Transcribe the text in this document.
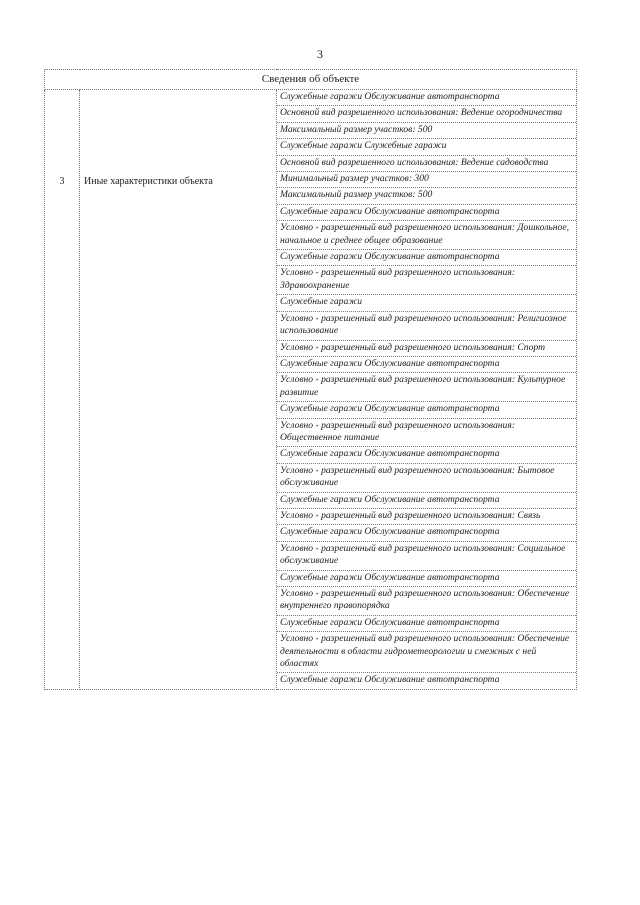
3
Сведения об объекте

3	Иные характеристики объекта

Служебные гаражи Обслуживание автотранспорта
Основной вид разрешенного использования: Ведение огородничества
Максимальный размер участков: 500
Служебные гаражи Служебные гаражи
Основной вид разрешенного использования: Ведение садоводства
Минимальный размер участков: 300
Максимальный размер участков: 500
Служебные гаражи Обслуживание автотранспорта
Условно - разрешенный вид разрешенного использования: Дошкольное, начальное и среднее общее образование
Служебные гаражи Обслуживание автотранспорта
Условно - разрешенный вид разрешенного использования: Здравоохранение
Служебные гаражи
Условно - разрешенный вид разрешенного использования: Религиозное использование
Условно - разрешенный вид разрешенного использования: Спорт
Служебные гаражи Обслуживание автотранспорта
Условно - разрешенный вид разрешенного использования: Культурное развитие
Служебные гаражи Обслуживание автотранспорта
Условно - разрешенный вид разрешенного использования: Общественное питание
Служебные гаражи Обслуживание автотранспорта
Условно - разрешенный вид разрешенного использования: Бытовое обслуживание
Служебные гаражи Обслуживание автотранспорта
Условно - разрешенный вид разрешенного использования: Связь
Служебные гаражи Обслуживание автотранспорта
Условно - разрешенный вид разрешенного использования: Социальное обслуживание
Служебные гаражи Обслуживание автотранспорта
Условно - разрешенный вид разрешенного использования: Обеспечение внутреннего правопорядка
Служебные гаражи Обслуживание автотранспорта
Условно - разрешенный вид разрешенного использования: Обеспечение деятельности в области гидрометеорологии и смежных с ней областях
Служебные гаражи Обслуживание автотранспорта
